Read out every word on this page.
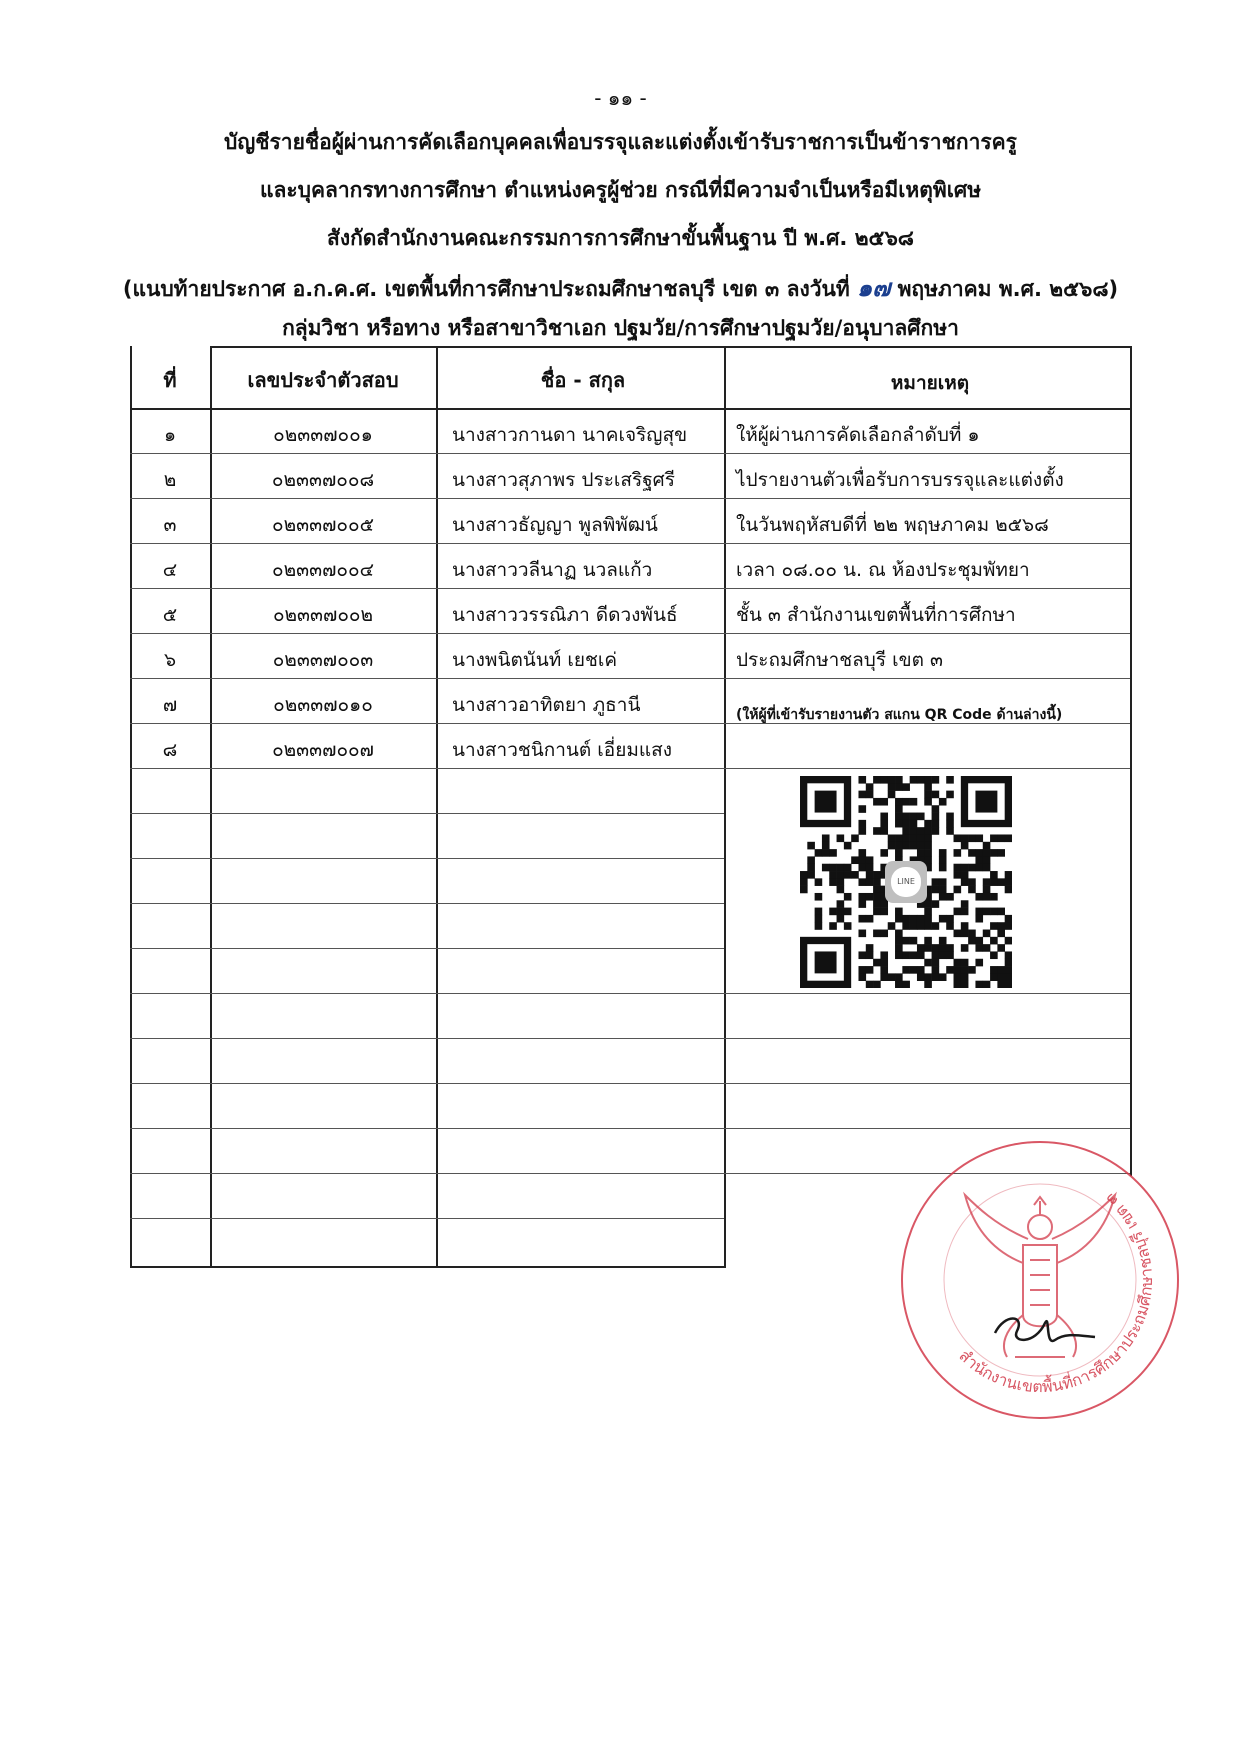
- ๑๑ -
บัญชีรายชื่อผู้ผ่านการคัดเลือกบุคคลเพื่อบรรจุและแต่งตั้งเข้ารับราชการเป็นข้าราชการครู
และบุคลากรทางการศึกษา ตำแหน่งครูผู้ช่วย กรณีที่มีความจำเป็นหรือมีเหตุพิเศษ
สังกัดสำนักงานคณะกรรมการการศึกษาขั้นพื้นฐาน ปี พ.ศ. ๒๕๖๘
(แนบท้ายประกาศ อ.ก.ค.ศ. เขตพื้นที่การศึกษาประถมศึกษาชลบุรี เขต ๓ ลงวันที่ ๑๗ พฤษภาคม พ.ศ. ๒๕๖๘)
กลุ่มวิชา หรือทาง หรือสาขาวิชาเอก ปฐมวัย/การศึกษาปฐมวัย/อนุบาลศึกษา
ที่	เลขประจำตัวสอบ	ชื่อ - สกุล	หมายเหตุ
๑	๐๒๓๓๗๐๐๑	นางสาวกานดา นาคเจริญสุข	ให้ผู้ผ่านการคัดเลือกลำดับที่ ๑
๒	๐๒๓๓๗๐๐๘	นางสาวสุภาพร ประเสริฐศรี	ไปรายงานตัวเพื่อรับการบรรจุและแต่งตั้ง
๓	๐๒๓๓๗๐๐๕	นางสาวธัญญา พูลพิพัฒน์	ในวันพฤหัสบดีที่ ๒๒ พฤษภาคม ๒๕๖๘
๔	๐๒๓๓๗๐๐๔	นางสาววลีนาฏ นวลแก้ว	เวลา ๐๘.๐๐ น. ณ ห้องประชุมพัทยา
๕	๐๒๓๓๗๐๐๒	นางสาววรรณิภา ดีดวงพันธ์	ชั้น ๓ สำนักงานเขตพื้นที่การศึกษา
๖	๐๒๓๓๗๐๐๓	นางพนิตนันท์ เยชเค่	ประถมศึกษาชลบุรี เขต ๓
๗	๐๒๓๓๗๐๑๐	นางสาวอาทิตยา ภูธานี	(ให้ผู้ที่เข้ารับรายงานตัว สแกน QR Code ด้านล่างนี้)
๘	๐๒๓๓๗๐๐๗	นางสาวชนิกานต์ เอี่ยมแสง
LINE
สำนักงานเขตพื้นที่การศึกษาประถมศึกษาชลบุรี เขต ๓
